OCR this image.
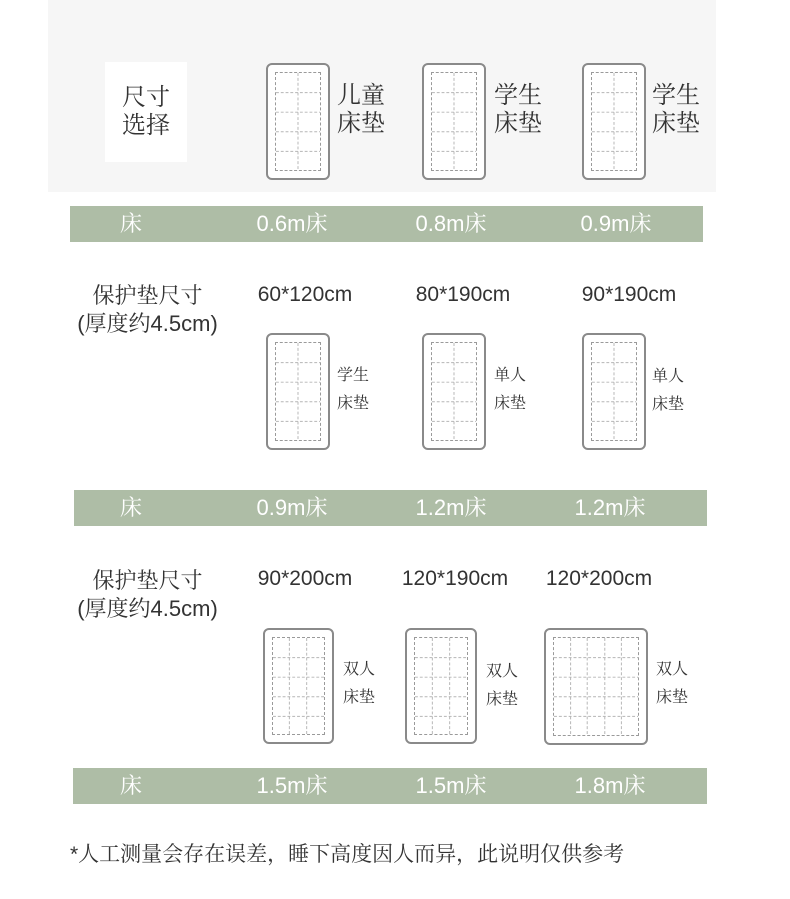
尺寸
选择
儿童
床垫
学生
床垫
学生
床垫
床	0.6m床	0.8m床	0.9m床
保护垫尺寸
(厚度约4.5cm)
60*120cm	80*190cm	90*190cm
学生
床垫
单人
床垫
单人
床垫
床	0.9m床	1.2m床	1.2m床
保护垫尺寸
(厚度约4.5cm)
90*200cm	120*190cm	120*200cm
双人
床垫
双人
床垫
双人
床垫
床	1.5m床	1.5m床	1.8m床
*人工测量会存在误差，睡下高度因人而异，此说明仅供参考
